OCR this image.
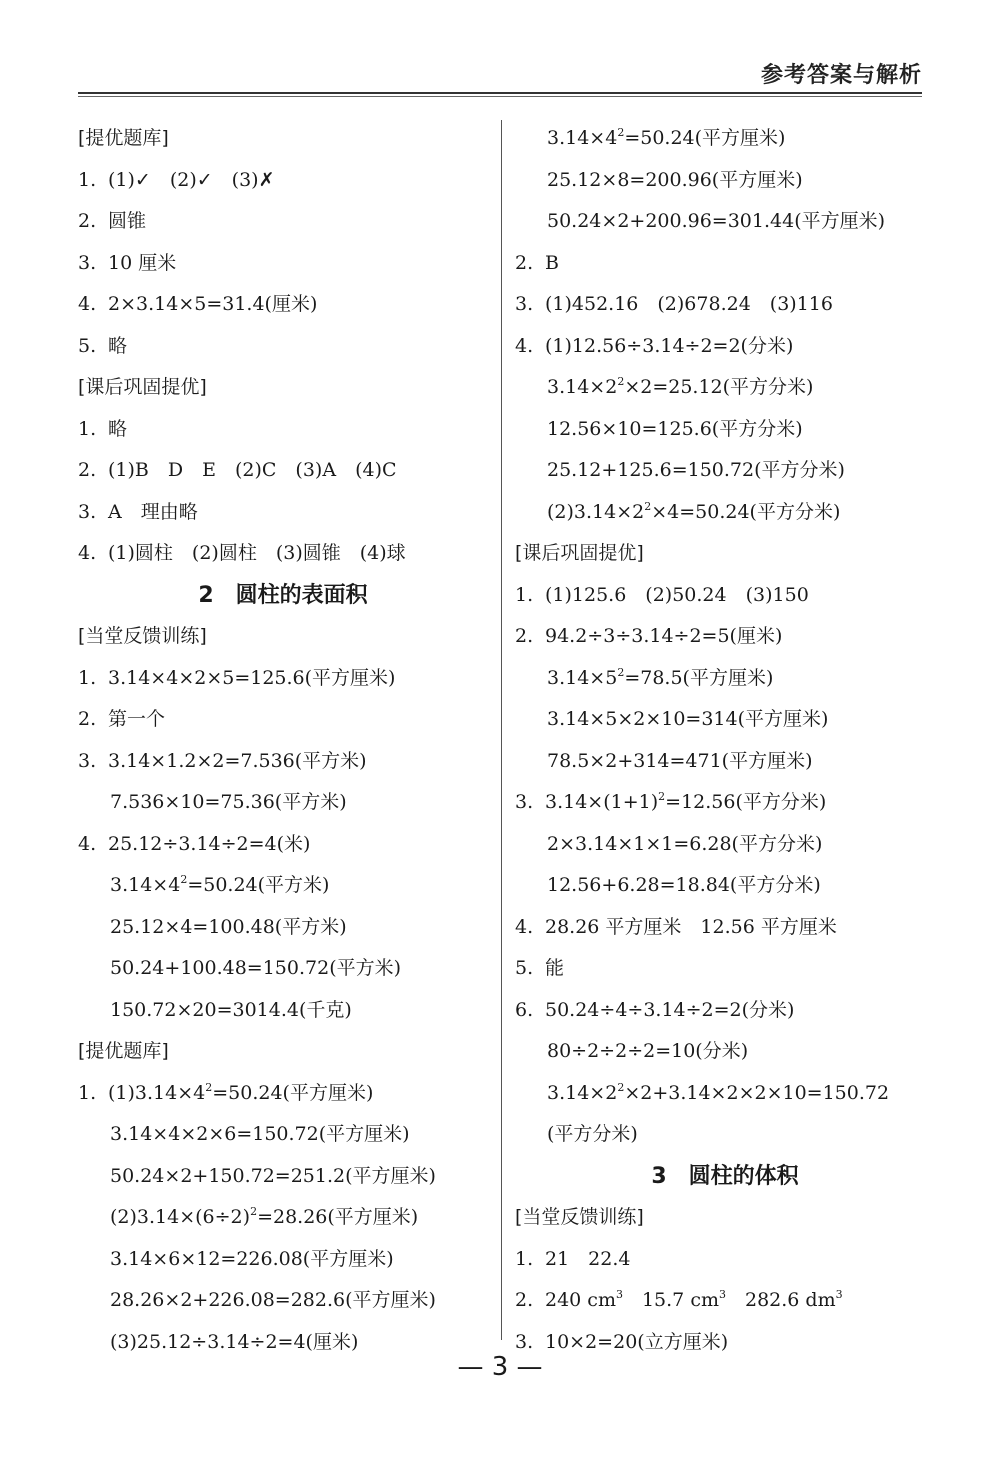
参考答案与解析
[提优题库]
1. (1)✓　(2)✓　(3)✗
2. 圆锥
3. 10 厘米
4. 2×3.14×5=31.4(厘米)
5. 略
[课后巩固提优]
1. 略
2. (1)B　D　E　(2)C　(3)A　(4)C
3. A　理由略
4. (1)圆柱　(2)圆柱　(3)圆锥　(4)球
2　圆柱的表面积
[当堂反馈训练]
1. 3.14×4×2×5=125.6(平方厘米)
2. 第一个
3. 3.14×1.2×2=7.536(平方米)
7.536×10=75.36(平方米)
4. 25.12÷3.14÷2=4(米)
$3.14\times 4^2=50.24$(平方米)
25.12×4=100.48(平方米)
50.24+100.48=150.72(平方米)
150.72×20=3014.4(千克)
[提优题库]
1. $(1)3.14\times 4^2=50.24$(平方厘米)
3.14×4×2×6=150.72(平方厘米)
50.24×2+150.72=251.2(平方厘米)
$(2)3.14\times(6\div 2)^2=28.26$(平方厘米)
3.14×6×12=226.08(平方厘米)
28.26×2+226.08=282.6(平方厘米)
(3)25.12÷3.14÷2=4(厘米)
$3.14\times 4^2=50.24$(平方厘米)
25.12×8=200.96(平方厘米)
50.24×2+200.96=301.44(平方厘米)
2. B
3. (1)452.16　(2)678.24　(3)116
4. (1)12.56÷3.14÷2=2(分米)
$3.14\times 2^2\times 2=25.12$(平方分米)
12.56×10=125.6(平方分米)
25.12+125.6=150.72(平方分米)
$(2)3.14\times 2^2\times 4=50.24$(平方分米)
[课后巩固提优]
1. (1)125.6　(2)50.24　(3)150
2. 94.2÷3÷3.14÷2=5(厘米)
$3.14\times 5^2=78.5$(平方厘米)
3.14×5×2×10=314(平方厘米)
78.5×2+314=471(平方厘米)
3. $3.14\times(1+1)^2=12.56$(平方分米)
2×3.14×1×1=6.28(平方分米)
12.56+6.28=18.84(平方分米)
4. 28.26 平方厘米　12.56 平方厘米
5. 能
6. 50.24÷4÷3.14÷2=2(分米)
80÷2÷2÷2=10(分米)
$3.14\times 2^2\times 2+3.14\times 2\times 2\times 10=150.72$
(平方分米)
3　圆柱的体积
[当堂反馈训练]
1. 21　22.4
2. 240 $cm^3$　15.7 $cm^3$　282.6 $dm^3$
3. 10×2=20(立方厘米)
— 3 —
